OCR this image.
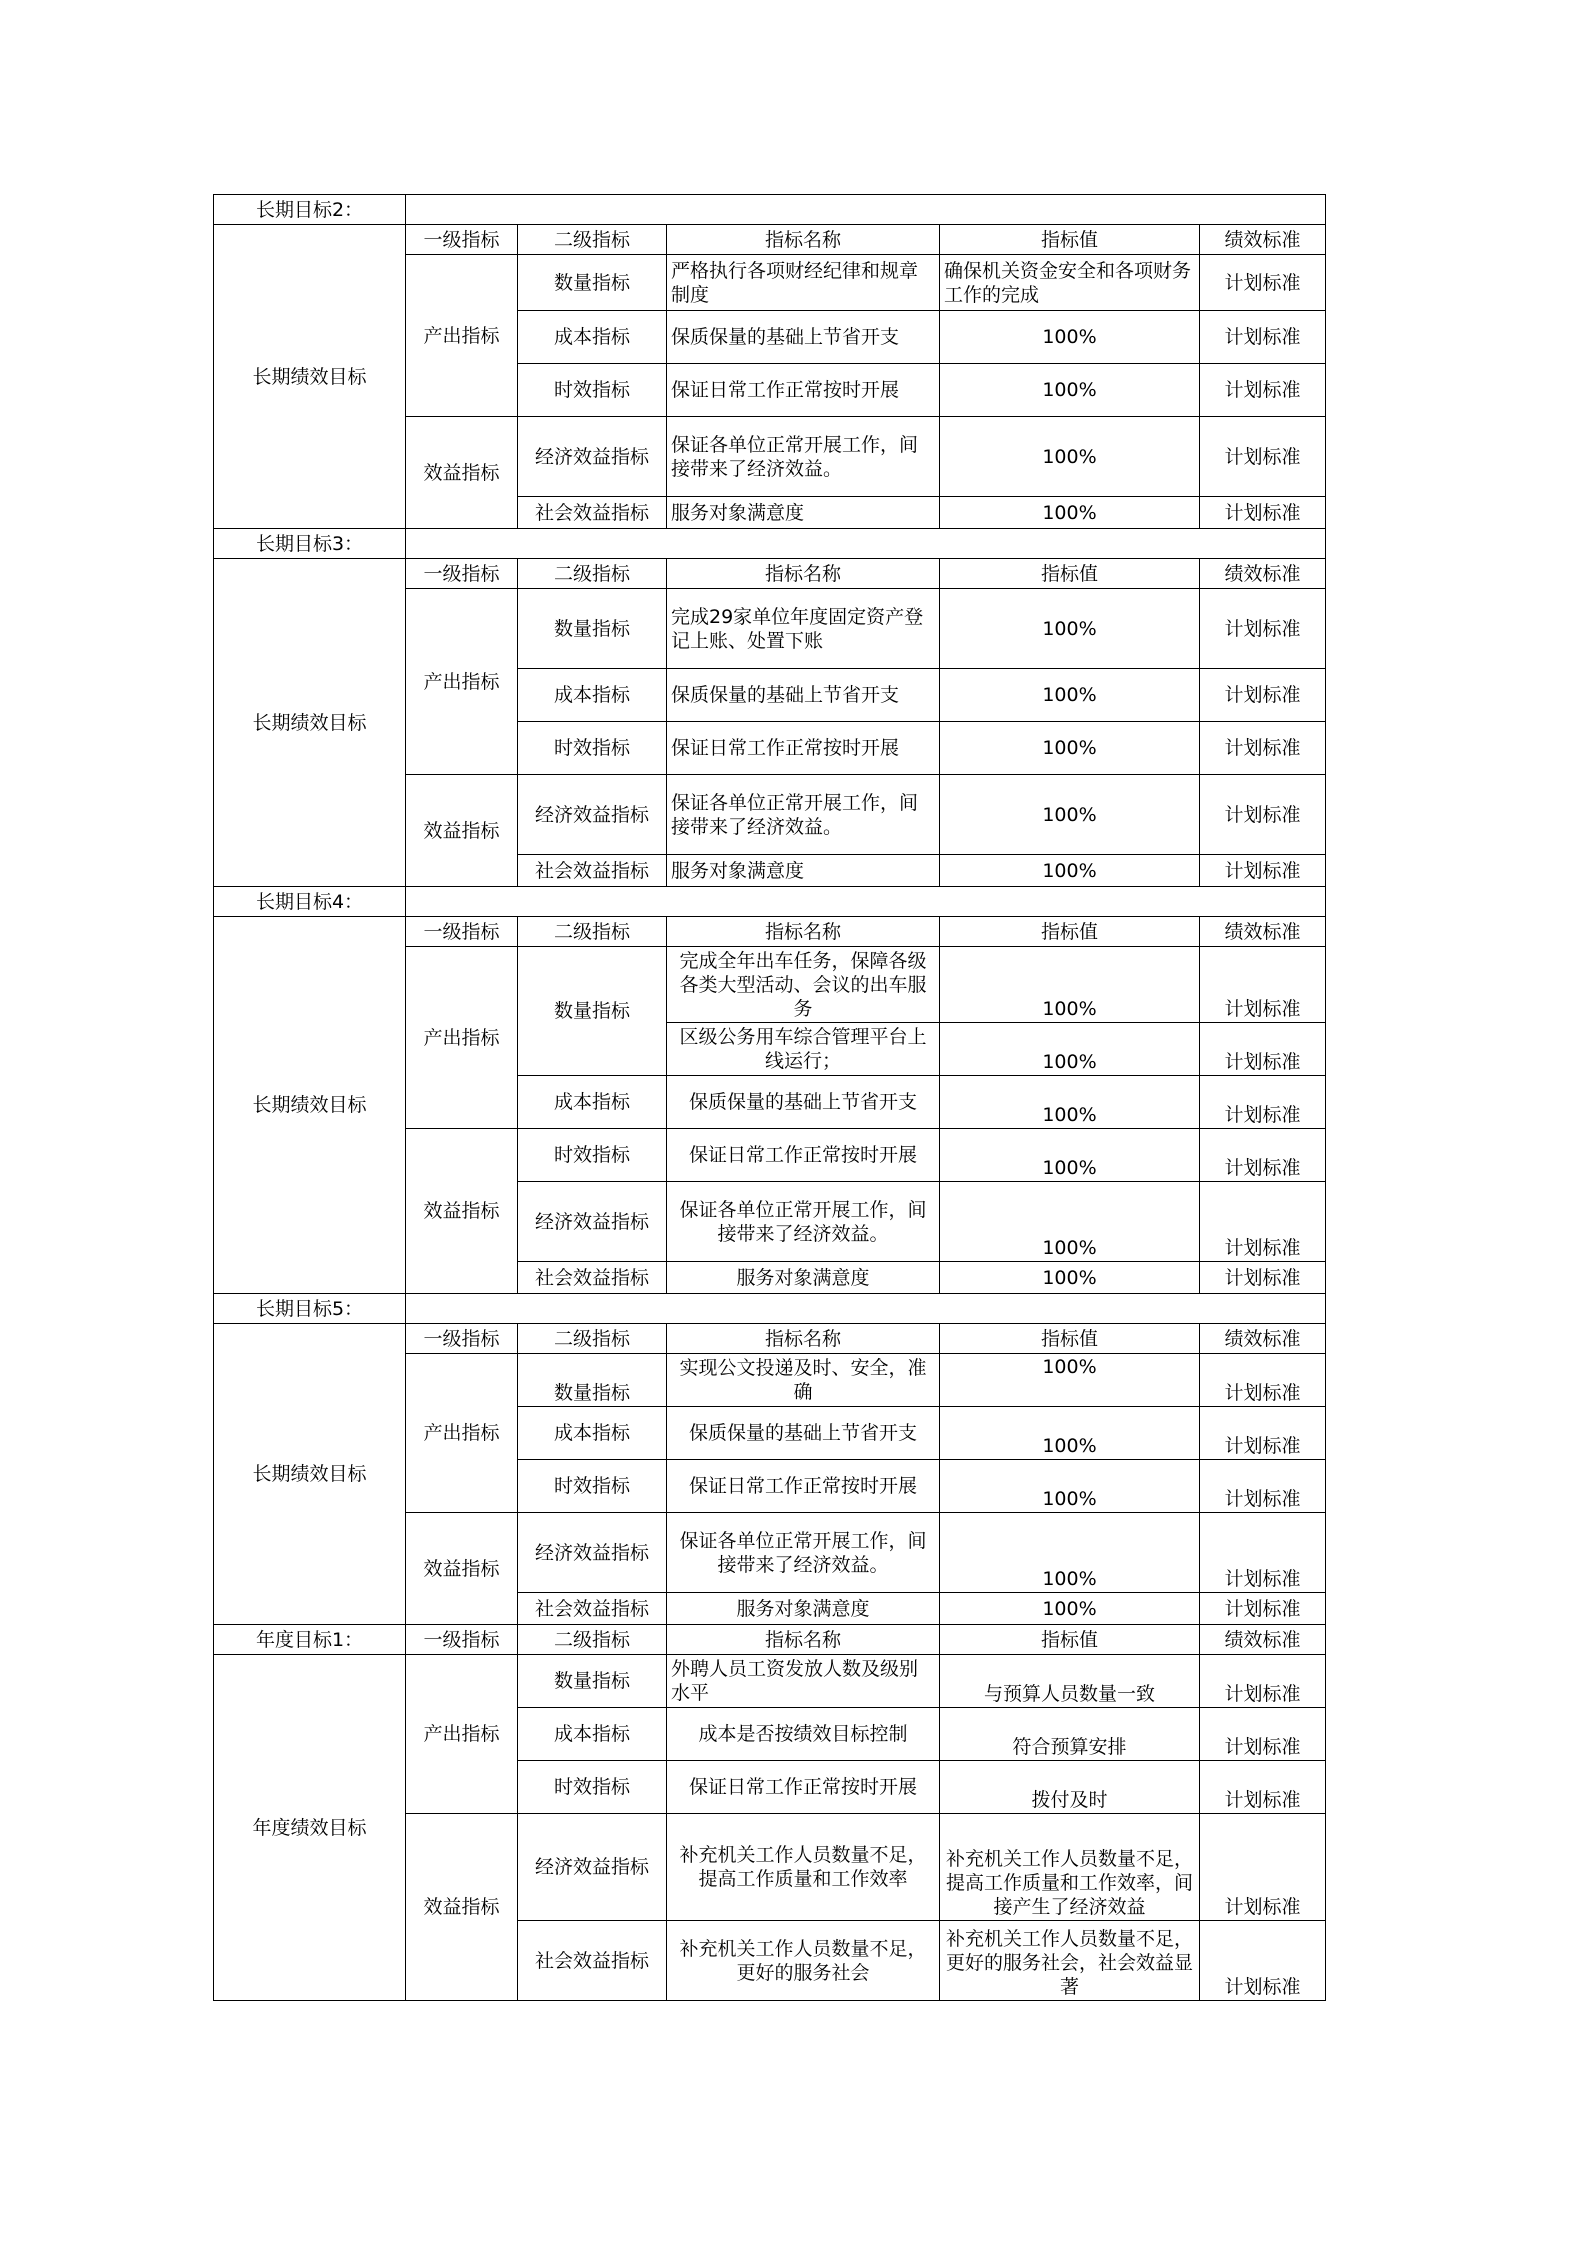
长期目标2：					
长期绩效目标	一级指标	二级指标	指标名称	指标值	绩效标准
	产出指标	数量指标	严格执行各项财经纪律和规章制度	确保机关资金安全和各项财务工作的完成	计划标准
		成本指标	保质保量的基础上节省开支	100%	计划标准
		时效指标	保证日常工作正常按时开展	100%	计划标准
	效益指标	经济效益指标	保证各单位正常开展工作，间接带来了经济效益。	100%	计划标准
		社会效益指标	服务对象满意度	100%	计划标准
长期目标3：					
长期绩效目标	一级指标	二级指标	指标名称	指标值	绩效标准
	产出指标	数量指标	完成29家单位年度固定资产登记上账、处置下账	100%	计划标准
		成本指标	保质保量的基础上节省开支	100%	计划标准
		时效指标	保证日常工作正常按时开展	100%	计划标准
	效益指标	经济效益指标	保证各单位正常开展工作，间接带来了经济效益。	100%	计划标准
		社会效益指标	服务对象满意度	100%	计划标准
长期目标4：					
长期绩效目标	一级指标	二级指标	指标名称	指标值	绩效标准
	产出指标	数量指标	完成全年出车任务，保障各级各类大型活动、会议的出车服务	100%	计划标准
			区级公务用车综合管理平台上线运行；	100%	计划标准
		成本指标	保质保量的基础上节省开支	100%	计划标准
	效益指标	时效指标	保证日常工作正常按时开展	100%	计划标准
		经济效益指标	保证各单位正常开展工作，间接带来了经济效益。	100%	计划标准
		社会效益指标	服务对象满意度	100%	计划标准
长期目标5：					
长期绩效目标	一级指标	二级指标	指标名称	指标值	绩效标准
	产出指标	数量指标	实现公文投递及时、安全，准确	100%	计划标准
		成本指标	保质保量的基础上节省开支	100%	计划标准
		时效指标	保证日常工作正常按时开展	100%	计划标准
	效益指标	经济效益指标	保证各单位正常开展工作，间接带来了经济效益。	100%	计划标准
		社会效益指标	服务对象满意度	100%	计划标准
年度目标1：	一级指标	二级指标	指标名称	指标值	绩效标准
年度绩效目标	产出指标	数量指标	外聘人员工资发放人数及级别水平	与预算人员数量一致	计划标准
		成本指标	成本是否按绩效目标控制	符合预算安排	计划标准
		时效指标	保证日常工作正常按时开展	拨付及时	计划标准
	效益指标	经济效益指标	补充机关工作人员数量不足，提高工作质量和工作效率	补充机关工作人员数量不足，提高工作质量和工作效率，间接产生了经济效益	计划标准
		社会效益指标	补充机关工作人员数量不足，更好的服务社会	补充机关工作人员数量不足，更好的服务社会，社会效益显著	计划标准
